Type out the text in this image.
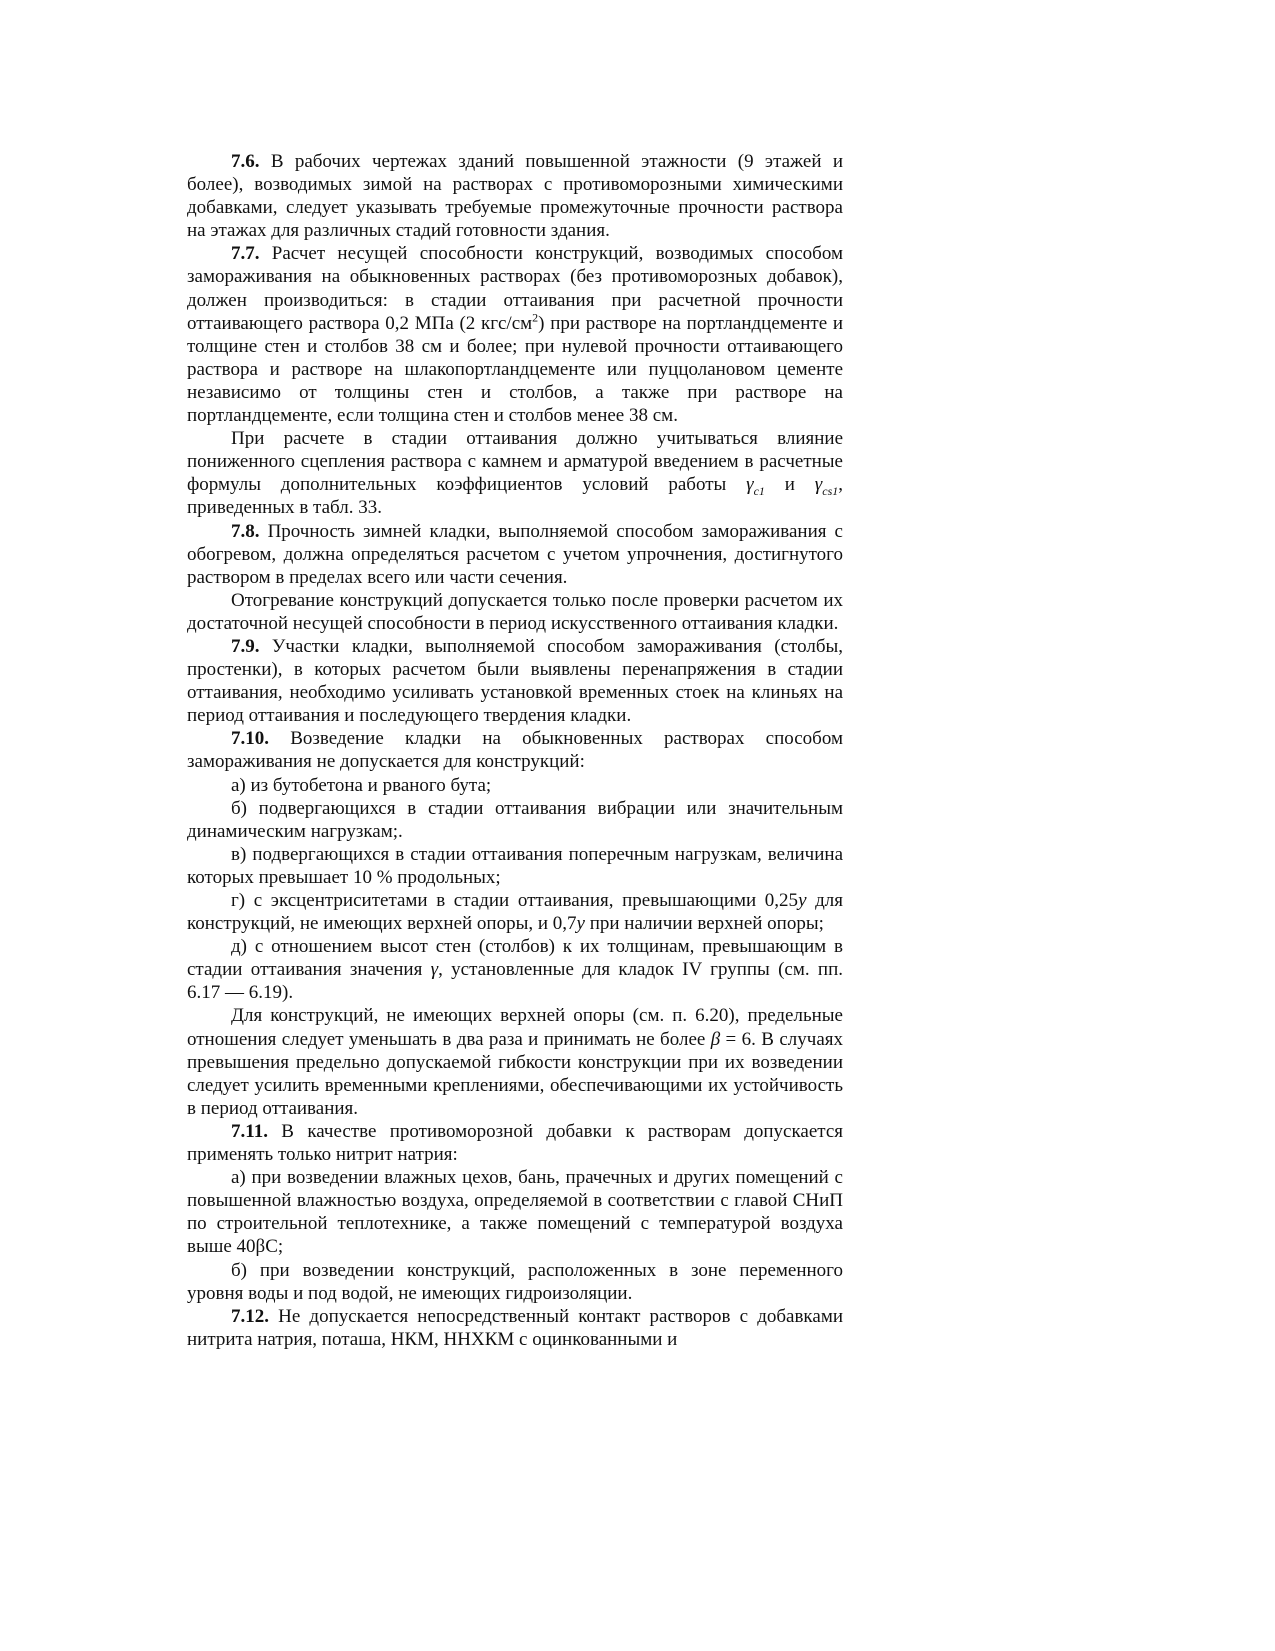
7.6. В рабочих чертежах зданий повышенной этажности (9 этажей и более), возводимых зимой на растворах с противоморозными химическими добавками, следует указывать требуемые промежуточные прочности раствора на этажах для различных стадий готовности здания.

7.7. Расчет несущей способности конструкций, возводимых способом замораживания на обыкновенных растворах (без противоморозных добавок), должен производиться: в стадии оттаивания при расчетной прочности оттаивающего раствора 0,2 МПа (2 кгс/$см^2$) при растворе на портландцементе и толщине стен и столбов 38 см и более; при нулевой прочности оттаивающего раствора и растворе на шлакопортландцементе или пуццолановом цементе независимо от толщины стен и столбов, а также при растворе на портландцементе, если толщина стен и столбов менее 38 см.

При расчете в стадии оттаивания должно учитываться влияние пониженного сцепления раствора с камнем и арматурой введением в расчетные формулы дополнительных коэффициентов условий работы $\gamma_{c1}$ и $\gamma_{cs1}$, приведенных в табл. 33.

7.8. Прочность зимней кладки, выполняемой способом замораживания с обогревом, должна определяться расчетом с учетом упрочнения, достигнутого раствором в пределах всего или части сечения.

Отогревание конструкций допускается только после проверки расчетом их достаточной несущей способности в период искусственного оттаивания кладки.

7.9. Участки кладки, выполняемой способом замораживания (столбы, простенки), в которых расчетом были выявлены перенапряжения в стадии оттаивания, необходимо усиливать установкой временных стоек на клиньях на период оттаивания и последующего твердения кладки.

7.10. Возведение кладки на обыкновенных растворах способом замораживания не допускается для конструкций:

а) из бутобетона и рваного бута;

б) подвергающихся в стадии оттаивания вибрации или значительным динамическим нагрузкам;.

в) подвергающихся в стадии оттаивания поперечным нагрузкам, величина которых превышает 10 % продольных;

г) с эксцентриситетами в стадии оттаивания, превышающими 0,25y для конструкций, не имеющих верхней опоры, и 0,7y при наличии верхней опоры;

д) с отношением высот стен (столбов) к их толщинам, превышающим в стадии оттаивания значения γ, установленные для кладок IV группы (см. пп. 6.17 — 6.19).

Для конструкций, не имеющих верхней опоры (см. п. 6.20), предельные отношения следует уменьшать в два раза и принимать не более β = 6. В случаях превышения предельно допускаемой гибкости конструкции при их возведении следует усилить временными креплениями, обеспечивающими их устойчивость в период оттаивания.

7.11. В качестве противоморозной добавки к растворам допускается применять только нитрит натрия:

а) при возведении влажных цехов, бань, прачечных и других помещений с повышенной влажностью воздуха, определяемой в соответствии с главой СНиП по строительной теплотехнике, а также помещений с температурой воздуха выше 40βС;

б) при возведении конструкций, расположенных в зоне переменного уровня воды и под водой, не имеющих гидроизоляции.

7.12. Не допускается непосредственный контакт растворов с добавками нитрита натрия, поташа, НКМ, ННХКМ с оцинкованными и
